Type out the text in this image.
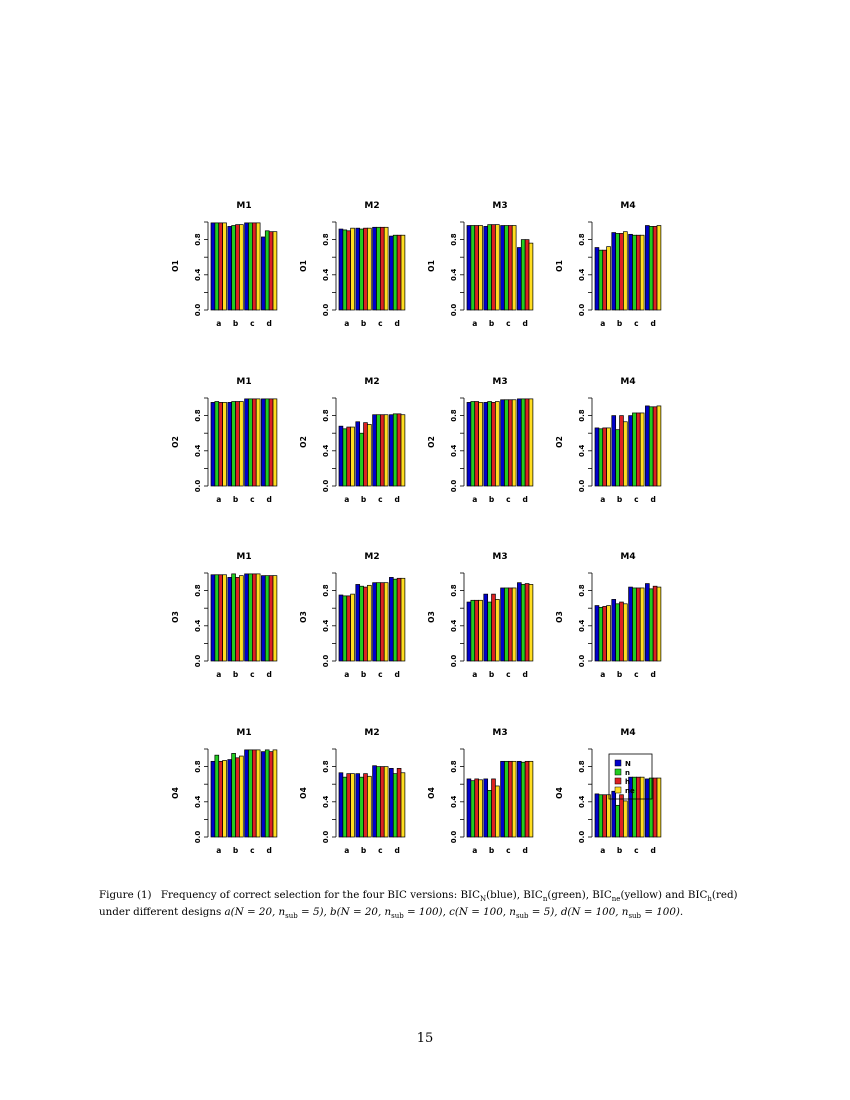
M1
O1
0.0
0.4
0.8
a b c d
M2
O1
0.0
0.4
0.8
a b c d
M3
O1
0.0
0.4
0.8
a b c d
M4
O1
0.0
0.4
0.8
a b c d
M1
O2
0.0
0.4
0.8
a b c d
M2
O2
0.0
0.4
0.8
a b c d
M3
O2
0.0
0.4
0.8
a b c d
M4
O2
0.0
0.4
0.8
a b c d
M1
O3
0.0
0.4
0.8
a b c d
M2
O3
0.0
0.4
0.8
a b c d
M3
O3
0.0
0.4
0.8
a b c d
M4
O3
0.0
0.4
0.8
a b c d
M1
O4
0.0
0.4
0.8
a b c d
M2
O4
0.0
0.4
0.8
a b c d
M3
O4
0.0
0.4
0.8
a b c d
M4
O4
0.0
0.4
0.8
a b c d
N
n
h
ne
Figure (1) Frequency of correct selection for the four BIC versions: $BIC_N(blue)$, $BIC_n(green)$, $BIC_{ne}(yellow)$ and $BIC_h(red)$
under different designs a(N = 20, $n_{sub} = 5$), b(N = 20, $n_{sub} = 100$), c(N = 100, $n_{sub} = 5$), d(N = 100, $n_{sub} = 100$).
15
